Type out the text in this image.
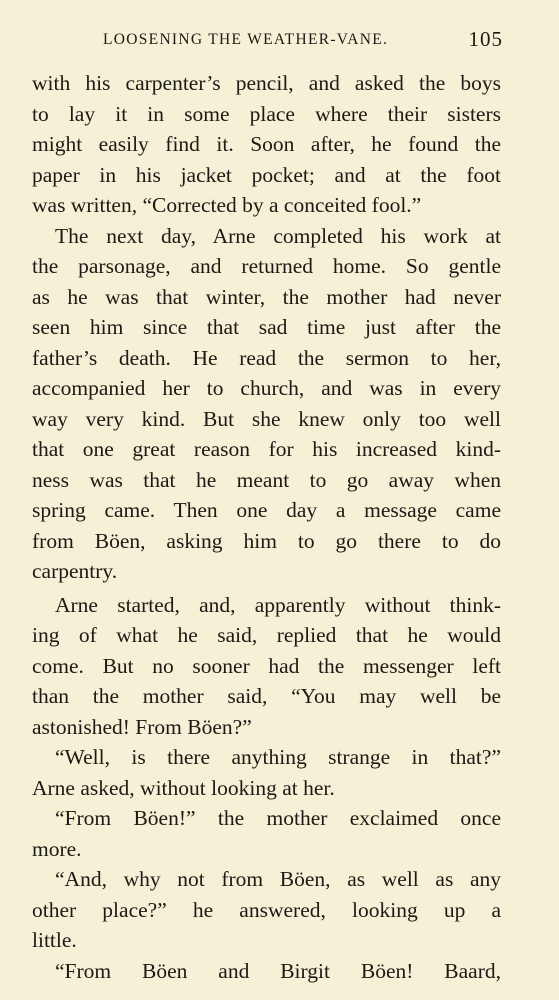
LOOSENING THE WEATHER-VANE.	105
with his carpenter’s pencil, and asked the boys
to lay it in some place where their sisters
might easily find it. Soon after, he found the
paper in his jacket pocket; and at the foot
was written, “Corrected by a conceited fool.”
The next day, Arne completed his work at
the parsonage, and returned home. So gentle
as he was that winter, the mother had never
seen him since that sad time just after the
father’s death. He read the sermon to her,
accompanied her to church, and was in every
way very kind. But she knew only too well
that one great reason for his increased kind-
ness was that he meant to go away when
spring came. Then one day a message came
from Böen, asking him to go there to do
carpentry.
Arne started, and, apparently without think-
ing of what he said, replied that he would
come. But no sooner had the messenger left
than the mother said, “You may well be
astonished! From Böen?”
“Well, is there anything strange in that?”
Arne asked, without looking at her.
“From Böen!” the mother exclaimed once
more.
“And, why not from Böen, as well as any
other place?” he answered, looking up a
little.
“From Böen and Birgit Böen! Baard,
